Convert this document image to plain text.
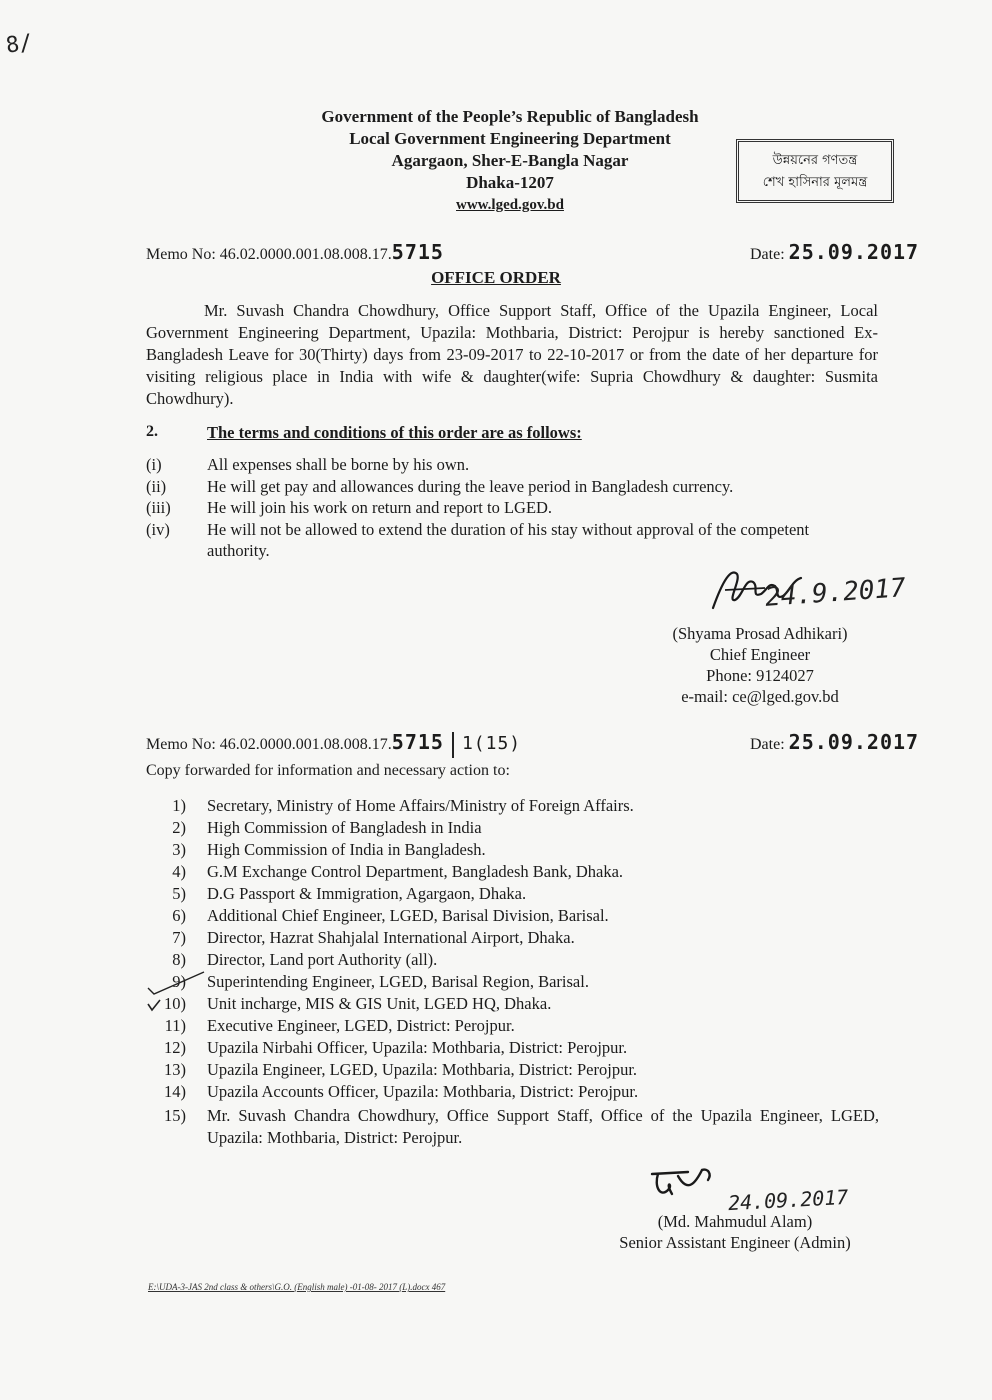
8/
Government of the People’s Republic of Bangladesh
Local Government Engineering Department
Agargaon, Sher-E-Bangla Nagar
Dhaka-1207
www.lged.gov.bd
উন্নয়নের গণতন্ত্র
শেখ হাসিনার মূলমন্ত্র
Memo No: 46.02.0000.001.08.008.17.5715	Date: 25.09.2017
OFFICE ORDER
Mr. Suvash Chandra Chowdhury, Office Support Staff, Office of the Upazila Engineer, Local Government Engineering Department, Upazila: Mothbaria, District: Perojpur is hereby sanctioned Ex-Bangladesh Leave for 30(Thirty) days from 23-09-2017 to 22-10-2017 or from the date of her departure for visiting religious place in India with wife & daughter(wife: Supria Chowdhury & daughter: Susmita Chowdhury).
2.	The terms and conditions of this order are as follows:
(i)	All expenses shall be borne by his own.
(ii)	He will get pay and allowances during the leave period in Bangladesh currency.
(iii)	He will join his work on return and report to LGED.
(iv)	He will not be allowed to extend the duration of his stay without approval of the competent authority.
24.9.2017
(Shyama Prosad Adhikari)
Chief Engineer
Phone: 9124027
e-mail: ce@lged.gov.bd
Memo No: 46.02.0000.001.08.008.17.5715 1(15)	Date: 25.09.2017
Copy forwarded for information and necessary action to:
1) Secretary, Ministry of Home Affairs/Ministry of Foreign Affairs.
2) High Commission of Bangladesh in India
3) High Commission of India in Bangladesh.
4) G.M Exchange Control Department, Bangladesh Bank, Dhaka.
5) D.G Passport & Immigration, Agargaon, Dhaka.
6) Additional Chief Engineer, LGED, Barisal Division, Barisal.
7) Director, Hazrat Shahjalal International Airport, Dhaka.
8) Director, Land port Authority (all).
9) Superintending Engineer, LGED, Barisal Region, Barisal.
10) Unit incharge, MIS & GIS Unit, LGED HQ, Dhaka.
11) Executive Engineer, LGED, District: Perojpur.
12) Upazila Nirbahi Officer, Upazila: Mothbaria, District: Perojpur.
13) Upazila Engineer, LGED, Upazila: Mothbaria, District: Perojpur.
14) Upazila Accounts Officer, Upazila: Mothbaria, District: Perojpur.
15) Mr. Suvash Chandra Chowdhury, Office Support Staff, Office of the Upazila Engineer, LGED, Upazila: Mothbaria, District: Perojpur.
24.09.2017
(Md. Mahmudul Alam)
Senior Assistant Engineer (Admin)
E:\UDA-3-JAS 2nd class & others\G.O. (English male) -01-08- 2017 (L).docx 467
